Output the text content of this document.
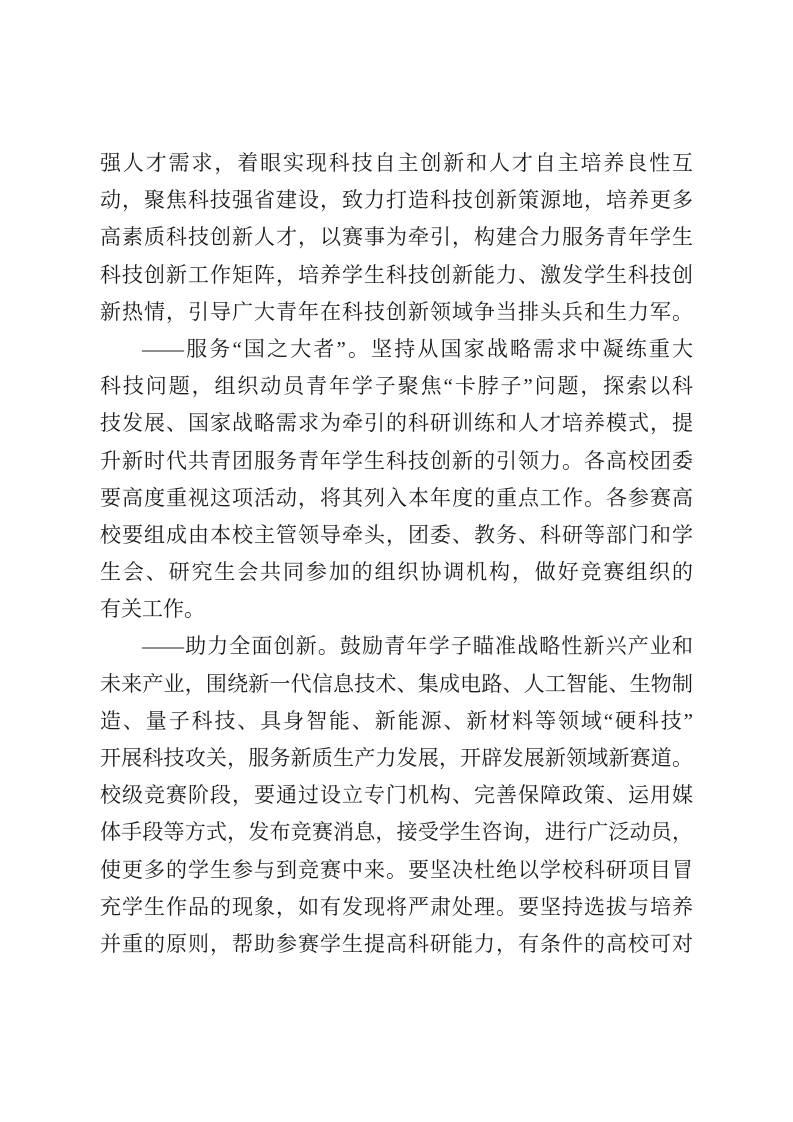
强人才需求，着眼实现科技自主创新和人才自主培养良性互
动，聚焦科技强省建设，致力打造科技创新策源地，培养更多
高素质科技创新人才，以赛事为牵引，构建合力服务青年学生
科技创新工作矩阵，培养学生科技创新能力、激发学生科技创
新热情，引导广大青年在科技创新领域争当排头兵和生力军。
——服务“国之大者”。坚持从国家战略需求中凝练重大
科技问题，组织动员青年学子聚焦“卡脖子”问题，探索以科
技发展、国家战略需求为牵引的科研训练和人才培养模式，提
升新时代共青团服务青年学生科技创新的引领力。各高校团委
要高度重视这项活动，将其列入本年度的重点工作。各参赛高
校要组成由本校主管领导牵头，团委、教务、科研等部门和学
生会、研究生会共同参加的组织协调机构，做好竞赛组织的
有关工作。
——助力全面创新。鼓励青年学子瞄准战略性新兴产业和
未来产业，围绕新一代信息技术、集成电路、人工智能、生物制
造、量子科技、具身智能、新能源、新材料等领域“硬科技”
开展科技攻关，服务新质生产力发展，开辟发展新领域新赛道。
校级竞赛阶段，要通过设立专门机构、完善保障政策、运用媒
体手段等方式，发布竞赛消息，接受学生咨询，进行广泛动员，
使更多的学生参与到竞赛中来。要坚决杜绝以学校科研项目冒
充学生作品的现象，如有发现将严肃处理。要坚持选拔与培养
并重的原则，帮助参赛学生提高科研能力，有条件的高校可对
